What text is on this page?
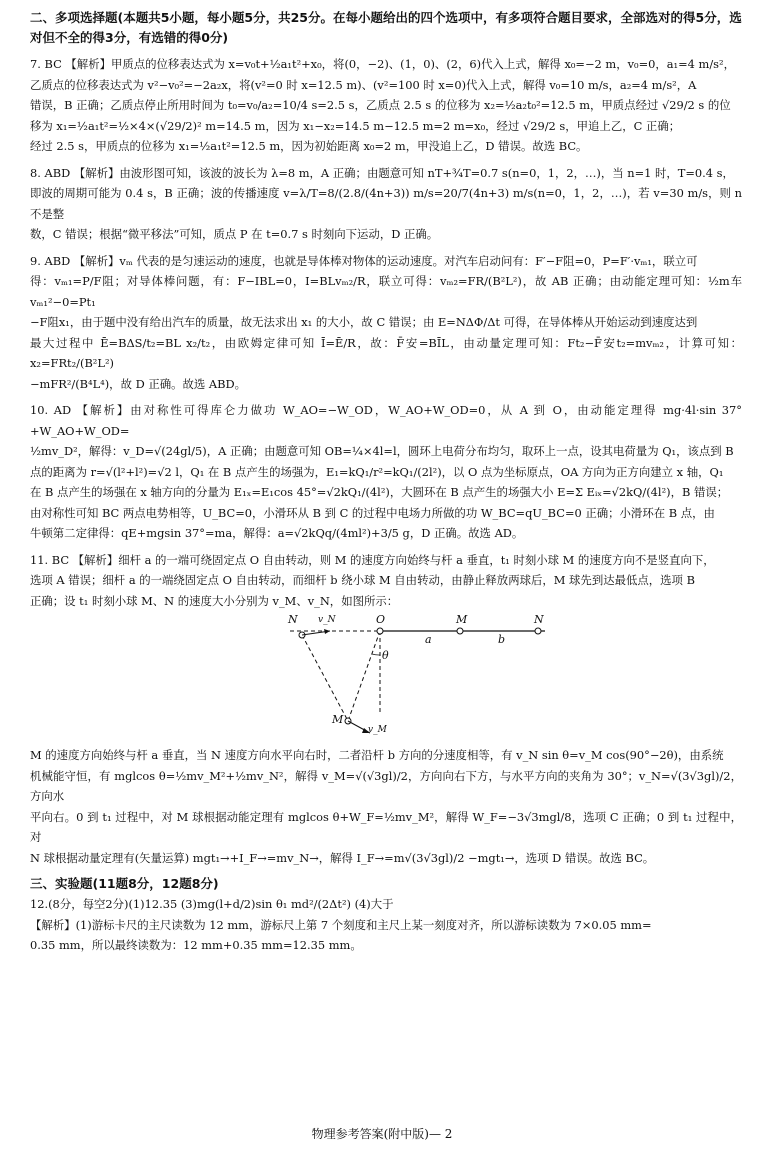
二、多项选择题(本题共5小题，每小题5分，共25分。在每小题给出的四个选项中，有多项符合题目要求，全部选对的得5分，选对但不全的得3分，有选错的得0分)

7. BC 【解析】甲质点的位移表达式为 x=v₀t+½a₁t²+x₀，将(0，−2)、(1，0)、(2，6)代入上式，解得 x₀=−2 m，v₀=0，a₁=4 m/s²，

乙质点的位移表达式为 v²−v₀²=−2a₂x，将(v²=0 时 x=12.5 m)、(v²=100 时 x=0)代入上式，解得 v₀=10 m/s，a₂=4 m/s²，A

错误，B 正确；乙质点停止所用时间为 t₀=v₀/a₂=10/4 s=2.5 s，乙质点 2.5 s 的位移为 x₂=½a₂t₀²=12.5 m，甲质点经过 √29/2 s 的位

移为 x₁=½a₁t²=½×4×(√29/2)² m=14.5 m，因为 x₁−x₂=14.5 m−12.5 m=2 m=x₀，经过 √29/2 s，甲追上乙，C 正确；

经过 2.5 s，甲质点的位移为 x₁=½a₁t²=12.5 m，因为初始距离 x₀=2 m，甲没追上乙，D 错误。故选 BC。

8. ABD 【解析】由波形图可知，该波的波长为 λ=8 m，A 正确；由题意可知 nT+¾T=0.7 s(n=0，1，2，…)，当 n=1 时，T=0.4 s，

即波的周期可能为 0.4 s，B 正确；波的传播速度 v=λ/T=8/(2.8/(4n+3)) m/s=20/7(4n+3) m/s(n=0，1，2，…)，若 v=30 m/s，则 n 不是整

数，C 错误；根据“微平移法”可知，质点 P 在 t=0.7 s 时刻向下运动，D 正确。

9. ABD 【解析】vₘ 代表的是匀速运动的速度，也就是导体棒对物体的运动速度。对汽车启动问有：F′−F阻=0，P=F′·vₘ₁，联立可

得：vₘ₁=P/F阻；对导体棒问题，有：F−IBL=0，I=BLvₘ₂/R，联立可得：vₘ₂=FR/(B²L²)，故 AB 正确；由动能定理可知：½m车vₘ₁²−0=Pt₁

−F阻x₁，由于题中没有给出汽车的质量，故无法求出 x₁ 的大小，故 C 错误；由 E=NΔΦ/Δt 可得，在导体棒从开始运动到速度达到

最大过程中 Ē=BΔS/t₂=BL x₂/t₂，由欧姆定律可知 Ī=Ē/R，故：F̄安=BĪL，由动量定理可知：Ft₂−F̄安t₂=mvₘ₂，计算可知：x₂=FRt₂/(B²L²)

−mFR²/(B⁴L⁴)，故 D 正确。故选 ABD。

10. AD 【解析】由对称性可得库仑力做功 W_AO=−W_OD，W_AO+W_OD=0，从 A 到 O，由动能定理得 mg·4l·sin 37°+W_AO+W_OD=

½mv_D²，解得：v_D=√(24gl/5)，A 正确；由题意可知 OB=¼×4l=l，圆环上电荷分布均匀，取环上一点，设其电荷量为 Q₁，该点到 B

点的距离为 r=√(l²+l²)=√2 l，Q₁ 在 B 点产生的场强为，E₁=kQ₁/r²=kQ₁/(2l²)，以 O 点为坐标原点，OA 方向为正方向建立 x 轴，Q₁

在 B 点产生的场强在 x 轴方向的分量为 E₁ₓ=E₁cos 45°=√2kQ₁/(4l²)，大圆环在 B 点产生的场强大小 E=Σ Eᵢₓ=√2kQ/(4l²)，B 错误；

由对称性可知 BC 两点电势相等，U_BC=0，小滑环从 B 到 C 的过程中电场力所做的功 W_BC=qU_BC=0 正确；小滑环在 B 点，由

牛顿第二定律得：qE+mgsin 37°=ma，解得：a=√2kQq/(4ml²)+3/5 g，D 正确。故选 AD。

11. BC 【解析】细杆 a 的一端可绕固定点 O 自由转动，则 M 的速度方向始终与杆 a 垂直，t₁ 时刻小球 M 的速度方向不是竖直向下，

选项 A 错误；细杆 a 的一端绕固定点 O 自由转动，而细杆 b 绕小球 M 自由转动，由静止释放两球后，M 球先到达最低点，选项 B

正确；设 t₁ 时刻小球 M、N 的速度大小分别为 v_M、v_N，如图所示：

N	O	M	N
a	b
θ
M
v_N
v_M

M 的速度方向始终与杆 a 垂直，当 N 速度方向水平向右时，二者沿杆 b 方向的分速度相等，有 v_N sin θ=v_M cos(90°−2θ)，由系统

机械能守恒，有 mglcos θ=½mv_M²+½mv_N²，解得 v_M=√(√3gl)/2，方向向右下方，与水平方向的夹角为 30°；v_N=√(3√3gl)/2，方向水

平向右。0 到 t₁ 过程中，对 M 球根据动能定理有 mglcos θ+W_F=½mv_M²，解得 W_F=−3√3mgl/8，选项 C 正确；0 到 t₁ 过程中，对

N 球根据动量定理有(矢量运算) mgt₁→+I_F→=mv_N→，解得 I_F→=m√(3√3gl)/2 −mgt₁→，选项 D 错误。故选 BC。

三、实验题(11题8分，12题8分)

12.(8分，每空2分)(1)12.35 (3)mg(l+d/2)sin θ₁ md²/(2Δt²) (4)大于

【解析】(1)游标卡尺的主尺读数为 12 mm，游标尺上第 7 个刻度和主尺上某一刻度对齐，所以游标读数为 7×0.05 mm=

0.35 mm，所以最终读数为：12 mm+0.35 mm=12.35 mm。

物理参考答案(附中版)— 2
